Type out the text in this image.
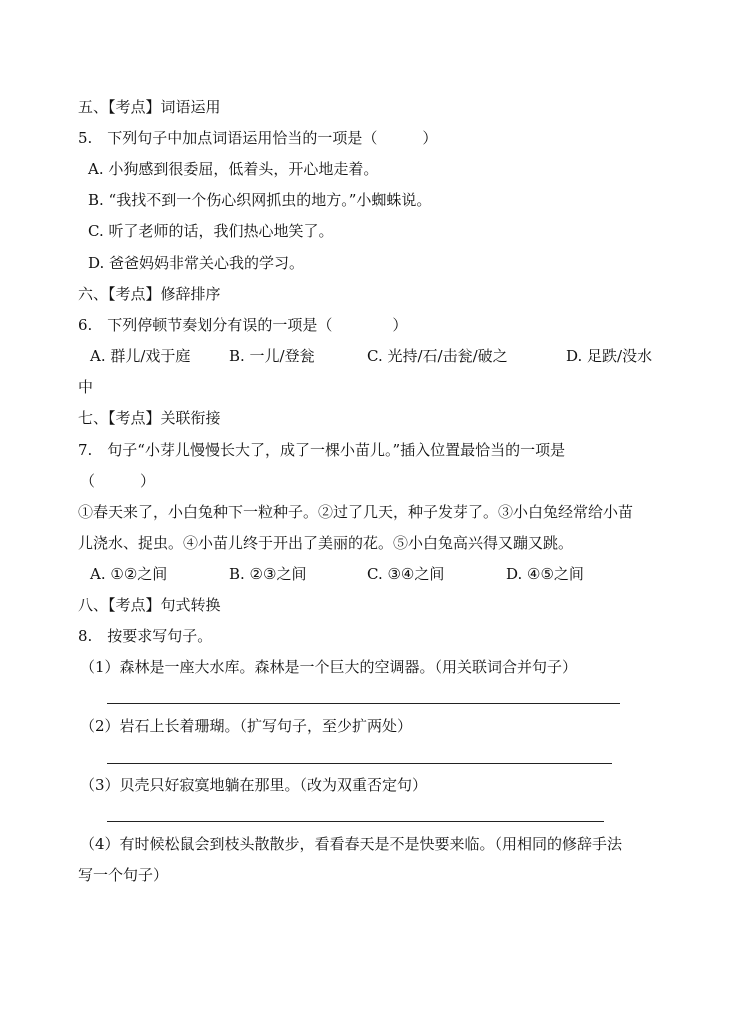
五、【考点】词语运用
5.　下列句子中加点词语运用恰当的一项是（　　　）
A. 小狗感到很委屈，低着头，开心地走着。
B. “我找不到一个伤心织网抓虫的地方。”小蜘蛛说。
C. 听了老师的话，我们热心地笑了。
D. 爸爸妈妈非常关心我的学习。
六、【考点】修辞排序
6.　下列停顿节奏划分有误的一项是（　　　　）
A. 群儿/戏于庭	B. 一儿/登瓮	C. 光持/石/击瓮/破之	D. 足跌/没水
中
七、【考点】关联衔接
7.　句子“小芽儿慢慢长大了，成了一棵小苗儿。”插入位置最恰当的一项是
（　　　）
①春天来了，小白兔种下一粒种子。②过了几天，种子发芽了。③小白兔经常给小苗
儿浇水、捉虫。④小苗儿终于开出了美丽的花。⑤小白兔高兴得又蹦又跳。
A. ①②之间	B. ②③之间	C. ③④之间	D. ④⑤之间
八、【考点】句式转换
8.　按要求写句子。
（1）森林是一座大水库。森林是一个巨大的空调器。（用关联词合并句子）
（2）岩石上长着珊瑚。（扩写句子，至少扩两处）
（3）贝壳只好寂寞地躺在那里。（改为双重否定句）
（4）有时候松鼠会到枝头散散步，看看春天是不是快要来临。（用相同的修辞手法
写一个句子）
